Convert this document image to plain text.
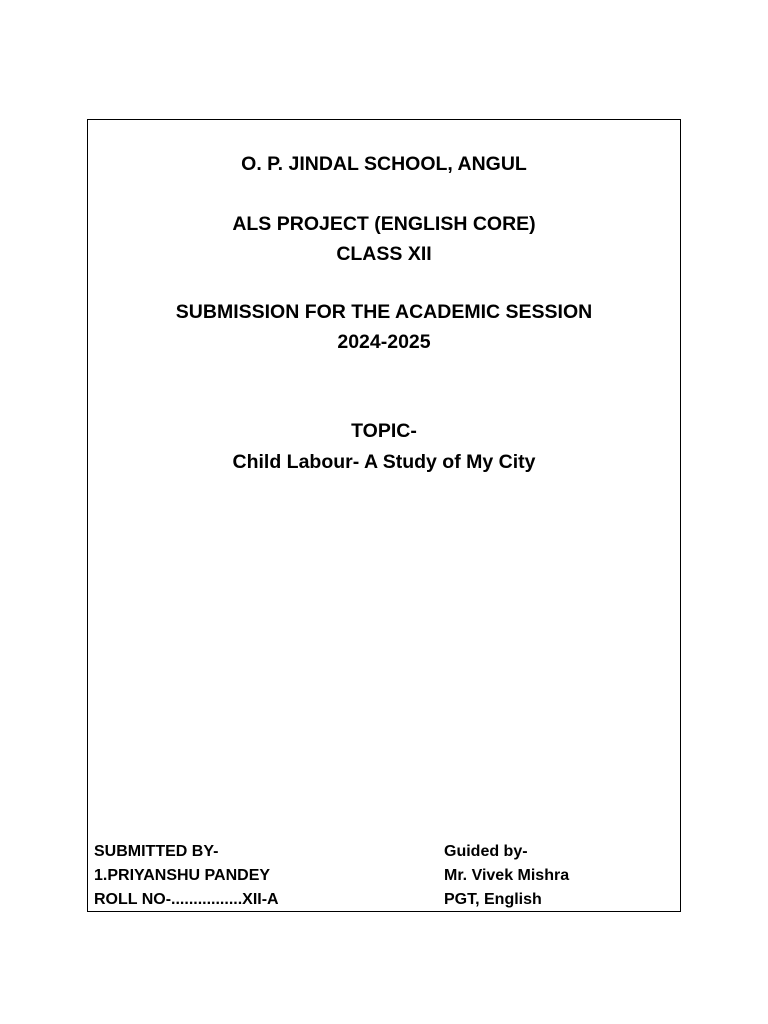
O. P. JINDAL SCHOOL, ANGUL
ALS PROJECT (ENGLISH CORE)
CLASS XII
SUBMISSION FOR THE ACADEMIC SESSION
2024-2025
TOPIC-
Child Labour- A Study of My City
SUBMITTED BY-
1.PRIYANSHU PANDEY
ROLL NO-................XII-A
Guided by-
Mr. Vivek Mishra
PGT, English
